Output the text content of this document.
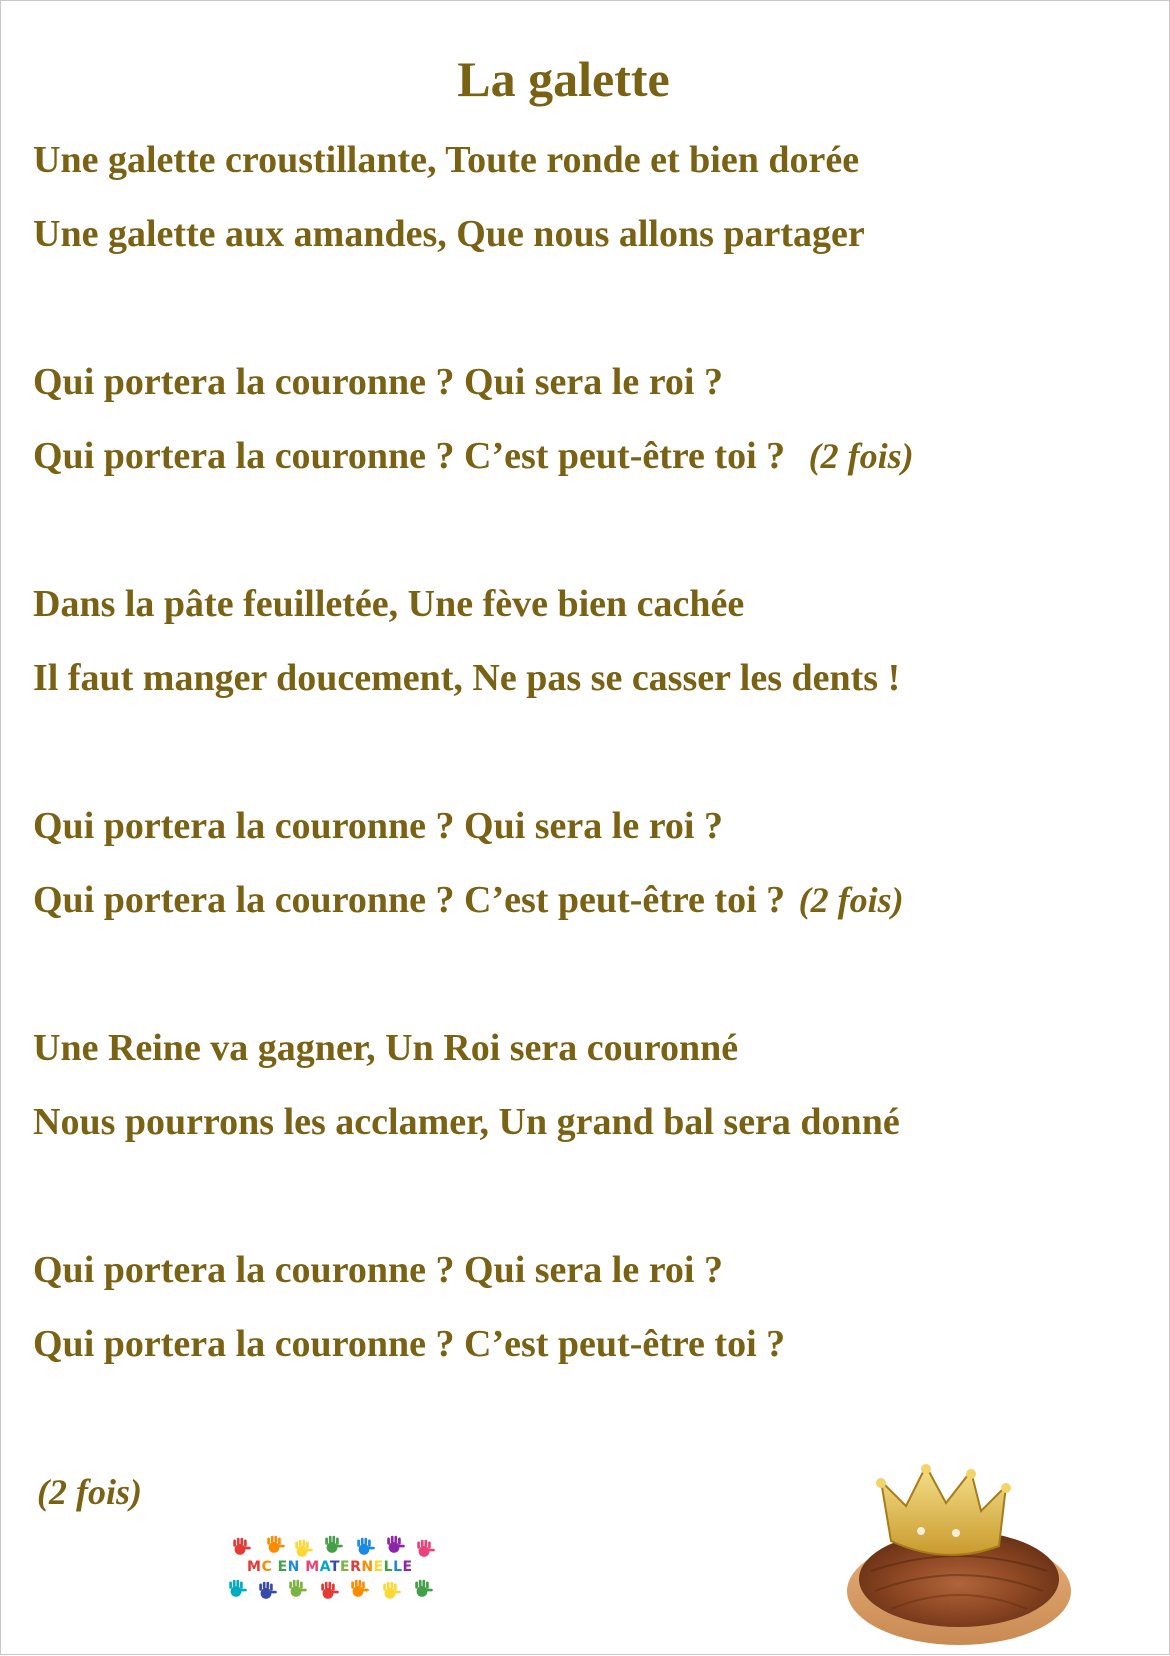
La galette

Une galette croustillante, Toute ronde et bien dorée

Une galette aux amandes, Que nous allons partager

Qui portera la couronne ? Qui sera le roi ?

Qui portera la couronne ? C’est peut-être toi ? (2 fois)

Dans la pâte feuilletée, Une fève bien cachée

Il faut manger doucement, Ne pas se casser les dents !

Qui portera la couronne ? Qui sera le roi ?

Qui portera la couronne ? C’est peut-être toi ? (2 fois)

Une Reine va gagner, Un Roi sera couronné

Nous pourrons les acclamer, Un grand bal sera donné

Qui portera la couronne ? Qui sera le roi ?

Qui portera la couronne ? C’est peut-être toi ?

(2 fois)
MC EN MATERNELLE
